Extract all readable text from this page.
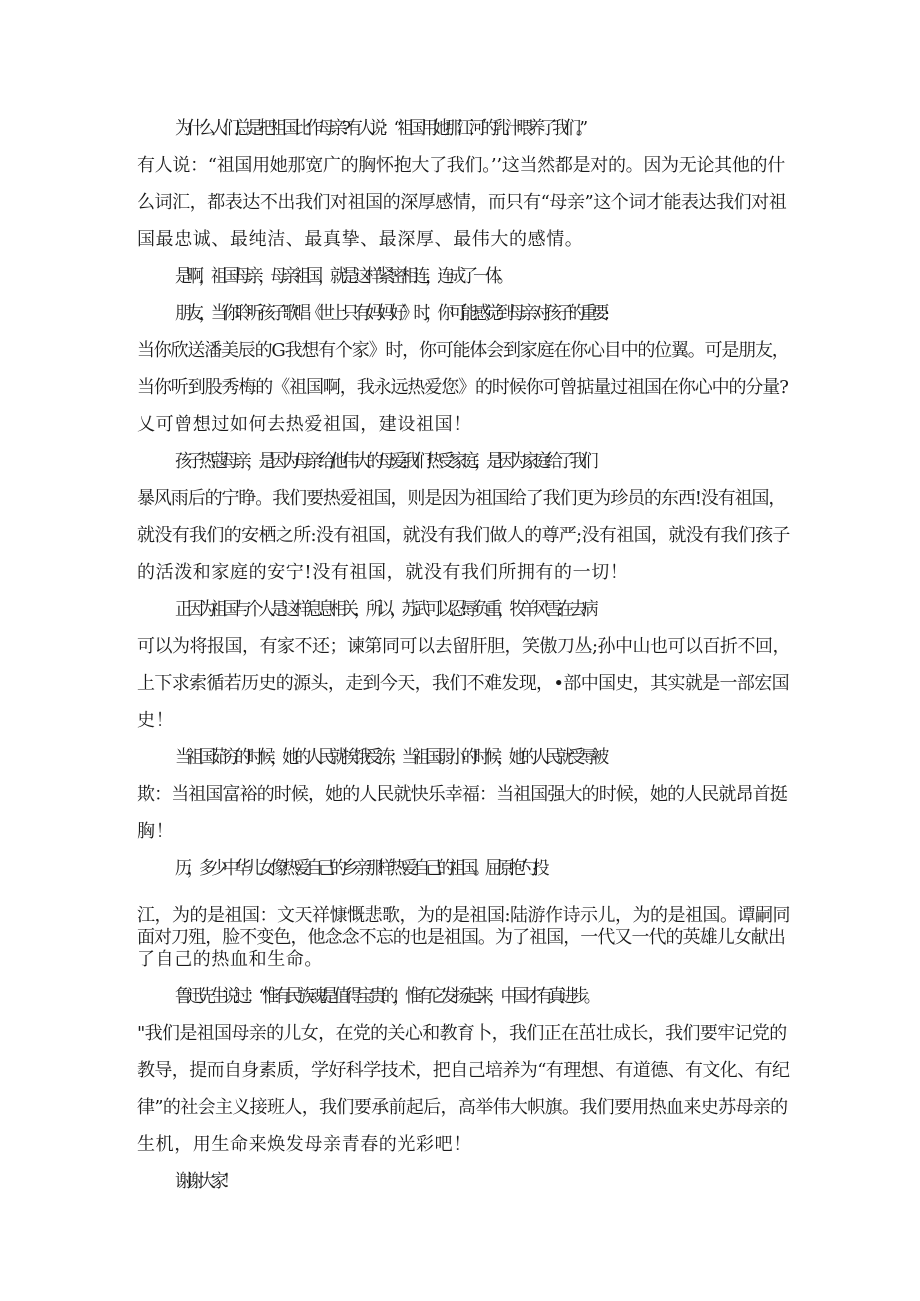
为什么人们总是把祖国比作母亲?有人说：“祖国用她那江河的乳汁喂养了我们。”
有人说：“祖国用她那宽广的胸怀抱大了我们。’’这当然都是对的。因为无论其他的什
么词汇，都表达不出我们对祖国的深厚感情，而只有“母亲”这个词才能表达我们对祖
国最忠诚、最纯洁、最真挚、最深厚、最伟大的感情。
是啊，祖国母亲，母亲祖国，就是这样紧密相连，连成了一体。
朋友，当你聆听孩子歌唱《世上只有妈妈好》时，你可能感觉到母亲对孩子的重要:
当你欣送潘美辰的G我想有个家》时，你可能体会到家庭在你心目中的位翼。可是朋友，
当你听到股秀梅的《祖国啊，我永远热爱您》的时候你可曾掂量过祖国在你心中的分量?
乂可曾想过如何去热爱祖国，建设祖国！
孩子热蔻母亲，是因为母亲给/他伟大的母爱:我们热受家庭，是因为家庭给了我们
暴风雨后的宁睁。我们要热爱祖国，则是因为祖国给了我们更为珍员的东西!没有祖国，
就没有我们的安栖之所:没有祖国，就没有我们做人的尊严;没有祖国，就没有我们孩子
的活泼和家庭的安宁!没有祖国，就没有我们所拥有的一切！
正因为祖国与个人是这样息息相关，所以，苏武可以忍:辱负重，牧羊风雪:在去病
可以为将报国，有家不还；谏第同可以去留肝胆，笑傲刀丛;孙中山也可以百折不回，
上下求索循若历史的源头，走到今天，我们不难发现，•部中国史，其实就是一部宏国
史！
当祖国茹穷的时候，她的人民就挨饿受冻；当祖国弱小的时候，她的人民就受辱被
欺：当祖国富裕的时候，她的人民就快乐幸福：当祖国强大的时候，她的人民就昂首挺
胸！
历，多少中华儿女像热爱自己的乡亲那样热爱自己的祖国。屈原抱勺投
江，为的是祖国：文天祥慷慨悲歌，为的是祖国:陆游作诗示儿，为的是祖国。谭嗣同
面对刀殂，脸不变色，他念念不忘的也是祖国。为了祖国，一代又一代的英雄儿女献出
了自己的热血和生命。
鲁迅先生说过：“惟有民族魂是值得宝贵的，惟有它发扬起来，中国才有真进步。
"我们是祖国母亲的儿女，在党的关心和教育卜，我们正在茁壮成长，我们要牢记党的
教导，提而自身素质，学好科学技术，把自己培养为“有理想、有道德、有文化、有纪
律”的社会主义接班人，我们要承前起后，高举伟大帜旗。我们要用热血来史苏母亲的
生机，用生命来焕发母亲青春的光彩吧！
谢谢大家！
